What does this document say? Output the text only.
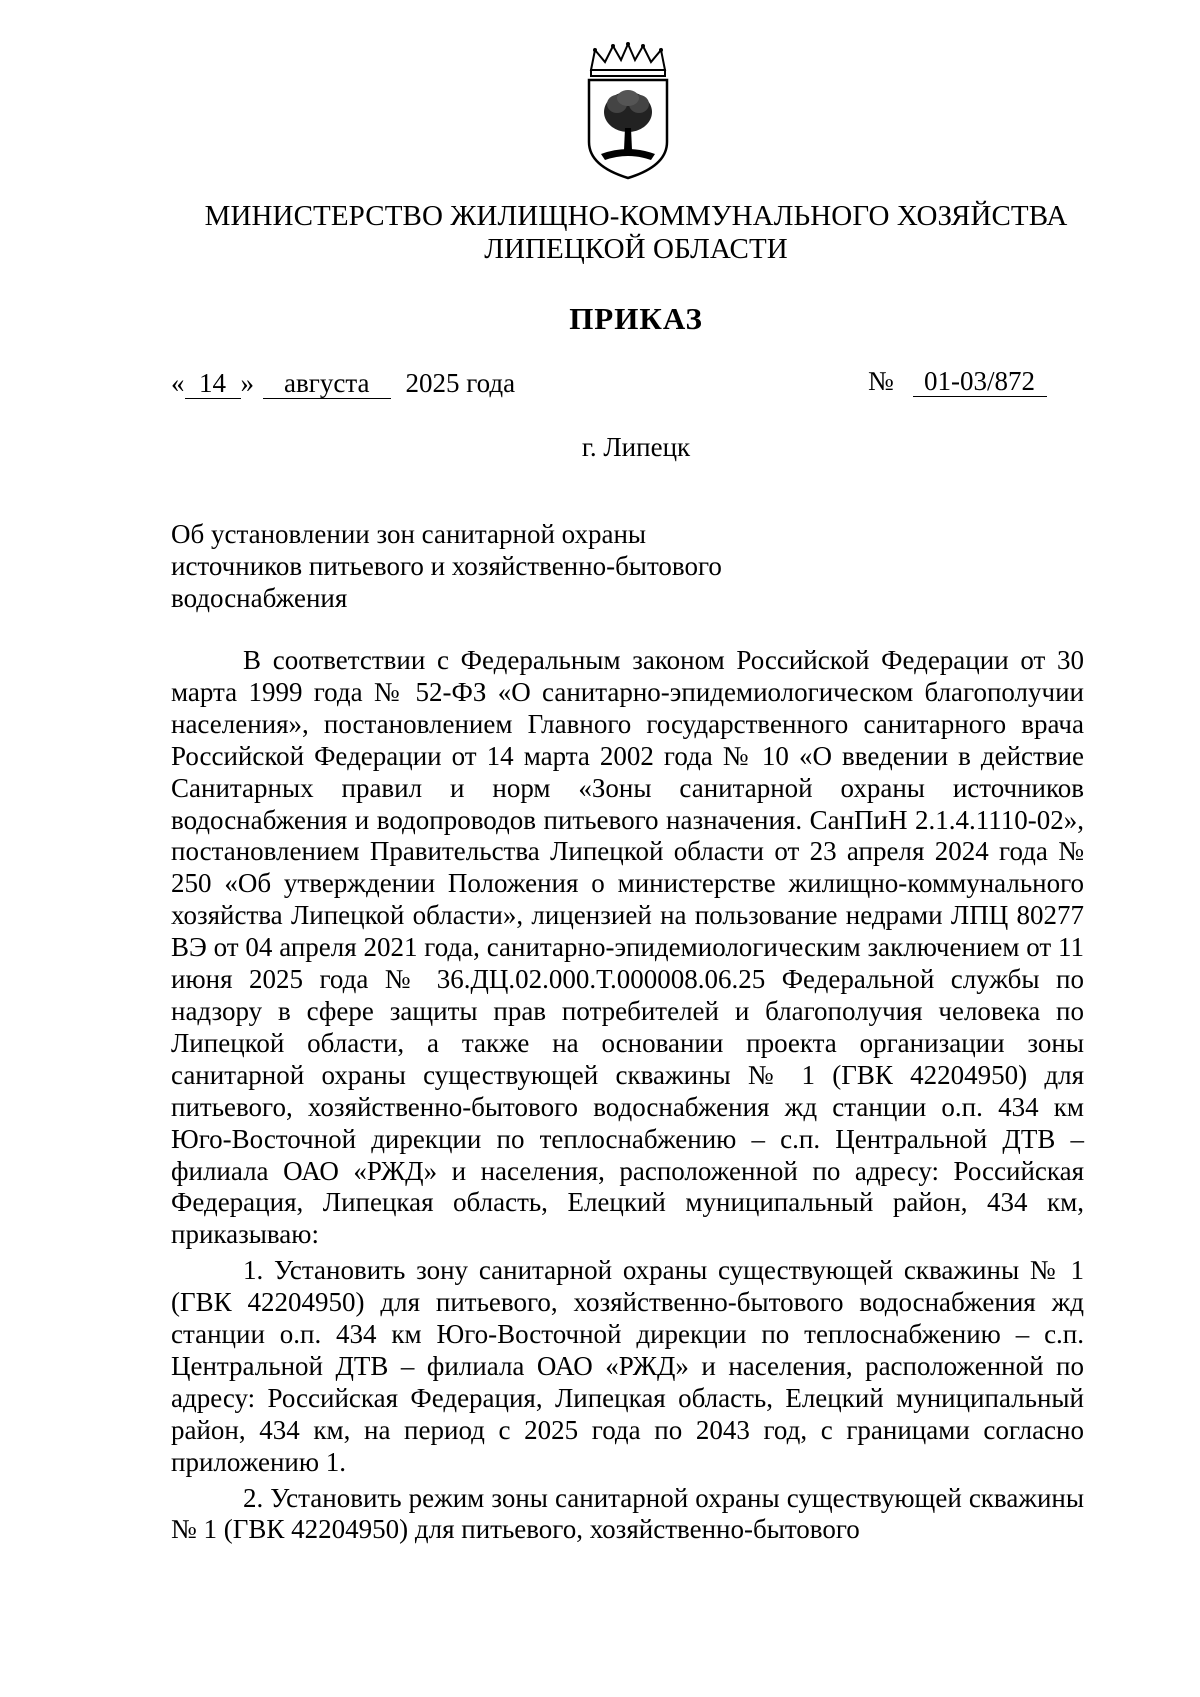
МИНИСТЕРСТВО ЖИЛИЩНО-КОММУНАЛЬНОГО ХОЗЯЙСТВА
ЛИПЕЦКОЙ ОБЛАСТИ
ПРИКАЗ
« 14 » августа 2025 года	№ 01-03/872
г. Липецк
Об установлении зон санитарной охраны
источников питьевого и хозяйственно-бытового
водоснабжения

В соответствии с Федеральным законом Российской Федерации от 30 марта 1999 года № 52-ФЗ «О санитарно-эпидемиологическом благополучии населения», постановлением Главного государственного санитарного врача Российской Федерации от 14 марта 2002 года № 10 «О введении в действие Санитарных правил и норм «Зоны санитарной охраны источников водоснабжения и водопроводов питьевого назначения. СанПиН 2.1.4.1110-02», постановлением Правительства Липецкой области от 23 апреля 2024 года № 250 «Об утверждении Положения о министерстве жилищно-коммунального хозяйства Липецкой области», лицензией на пользование недрами ЛПЦ 80277 ВЭ от 04 апреля 2021 года, санитарно-эпидемиологическим заключением от 11 июня 2025 года № 36.ДЦ.02.000.Т.000008.06.25 Федеральной службы по надзору в сфере защиты прав потребителей и благополучия человека по Липецкой области, а также на основании проекта организации зоны санитарной охраны существующей скважины № 1 (ГВК 42204950) для питьевого, хозяйственно-бытового водоснабжения жд станции о.п. 434 км Юго-Восточной дирекции по теплоснабжению – с.п. Центральной ДТВ – филиала ОАО «РЖД» и населения, расположенной по адресу: Российская Федерация, Липецкая область, Елецкий муниципальный район, 434 км, приказываю:

1. Установить зону санитарной охраны существующей скважины № 1 (ГВК 42204950) для питьевого, хозяйственно-бытового водоснабжения жд станции о.п. 434 км Юго-Восточной дирекции по теплоснабжению – с.п. Центральной ДТВ – филиала ОАО «РЖД» и населения, расположенной по адресу: Российская Федерация, Липецкая область, Елецкий муниципальный район, 434 км, на период с 2025 года по 2043 год, с границами согласно приложению 1.

2. Установить режим зоны санитарной охраны существующей скважины № 1 (ГВК 42204950) для питьевого, хозяйственно-бытового
